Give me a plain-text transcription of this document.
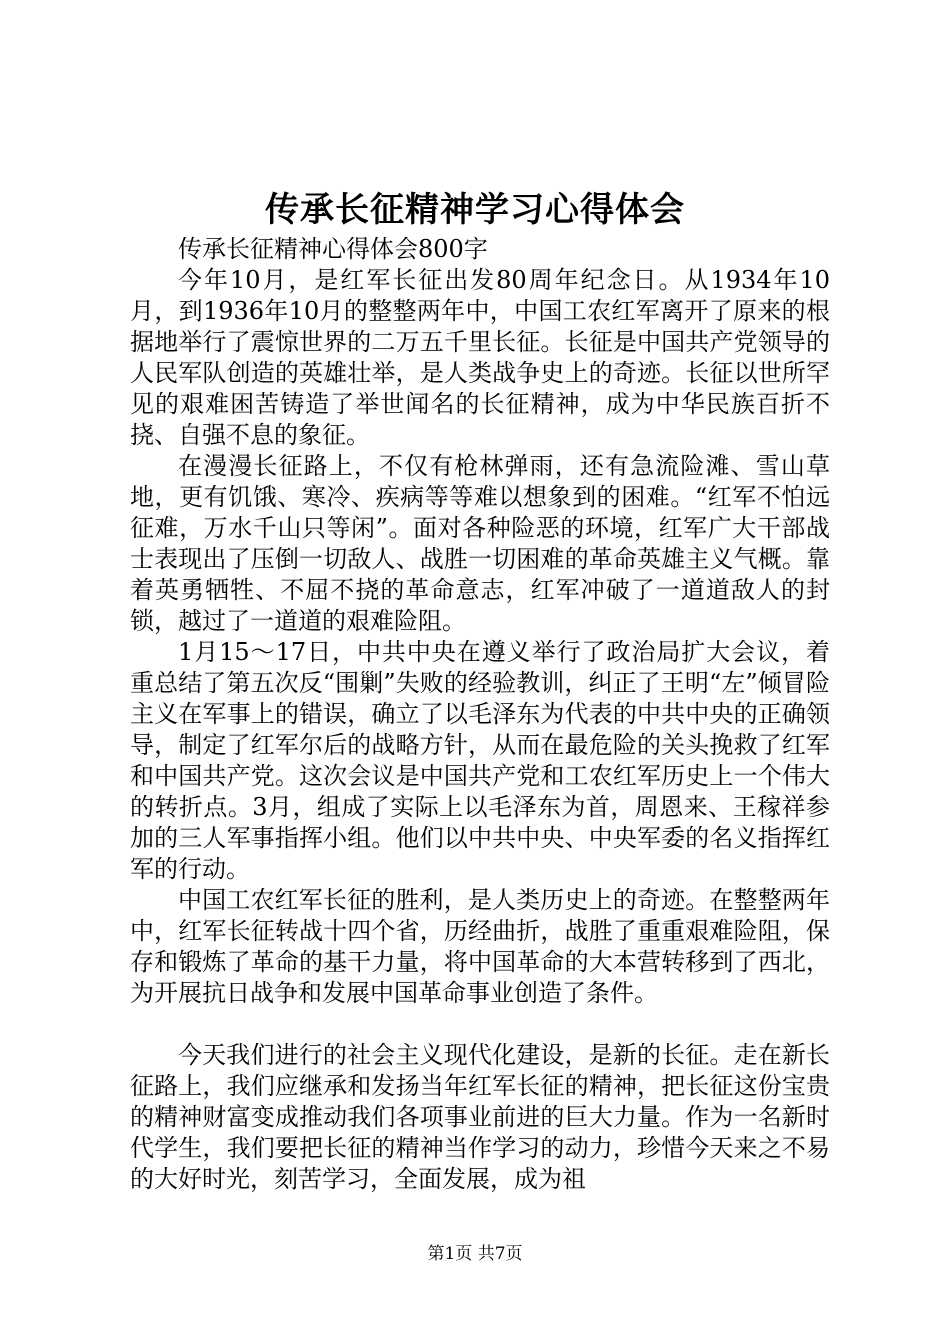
传承长征精神学习心得体会

传承长征精神心得体会800字

今年10月，是红军长征出发80周年纪念日。从1934年10月，到1936年10月的整整两年中，中国工农红军离开了原来的根据地举行了震惊世界的二万五千里长征。长征是中国共产党领导的人民军队创造的英雄壮举，是人类战争史上的奇迹。长征以世所罕见的艰难困苦铸造了举世闻名的长征精神，成为中华民族百折不挠、自强不息的象征。

在漫漫长征路上，不仅有枪林弹雨，还有急流险滩、雪山草地，更有饥饿、寒冷、疾病等等难以想象到的困难。“红军不怕远征难，万水千山只等闲”。面对各种险恶的环境，红军广大干部战士表现出了压倒一切敌人、战胜一切困难的革命英雄主义气概。靠着英勇牺牲、不屈不挠的革命意志，红军冲破了一道道敌人的封锁，越过了一道道的艰难险阻。

1月15～17日，中共中央在遵义举行了政治局扩大会议，着重总结了第五次反“围剿”失败的经验教训，纠正了王明“左”倾冒险主义在军事上的错误，确立了以毛泽东为代表的中共中央的正确领导，制定了红军尔后的战略方针，从而在最危险的关头挽救了红军和中国共产党。这次会议是中国共产党和工农红军历史上一个伟大的转折点。3月，组成了实际上以毛泽东为首，周恩来、王稼祥参加的三人军事指挥小组。他们以中共中央、中央军委的名义指挥红军的行动。

中国工农红军长征的胜利，是人类历史上的奇迹。在整整两年中，红军长征转战十四个省，历经曲折，战胜了重重艰难险阻，保存和锻炼了革命的基干力量，将中国革命的大本营转移到了西北，为开展抗日战争和发展中国革命事业创造了条件。

今天我们进行的社会主义现代化建设，是新的长征。走在新长征路上，我们应继承和发扬当年红军长征的精神，把长征这份宝贵的精神财富变成推动我们各项事业前进的巨大力量。作为一名新时代学生，我们要把长征的精神当作学习的动力，珍惜今天来之不易的大好时光，刻苦学习，全面发展，成为祖

第1页 共7页
